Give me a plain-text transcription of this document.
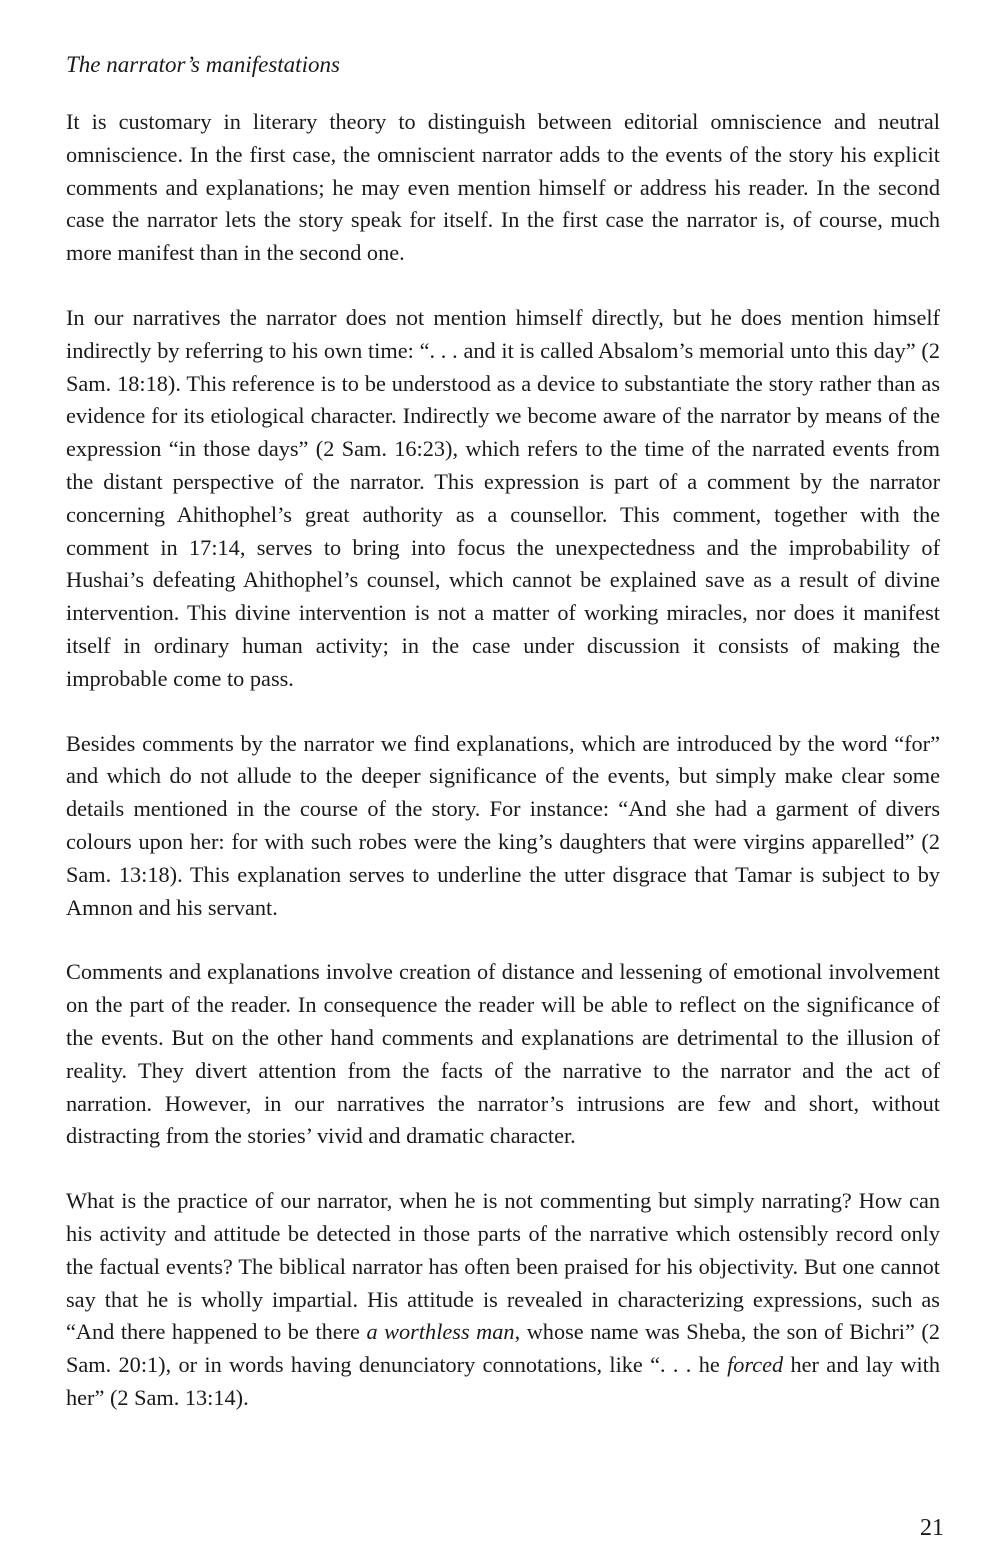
The narrator’s manifestations

It is customary in literary theory to distinguish between editorial omniscience and neutral omniscience. In the first case, the omniscient narrator adds to the events of the story his explicit comments and explanations; he may even mention himself or address his reader. In the second case the narrator lets the story speak for itself. In the first case the narrator is, of course, much more manifest than in the second one.

In our narratives the narrator does not mention himself directly, but he does mention himself indirectly by referring to his own time: “. . . and it is called Absalom’s memorial unto this day” (2 Sam. 18:18). This reference is to be understood as a device to substantiate the story rather than as evidence for its etiological character. Indirectly we become aware of the narrator by means of the expression “in those days” (2 Sam. 16:23), which refers to the time of the narrated events from the distant perspective of the narrator. This expression is part of a comment by the narrator concerning Ahithophel’s great authority as a counsellor. This comment, together with the comment in 17:14, serves to bring into focus the unexpectedness and the improbability of Hushai’s defeating Ahithophel’s counsel, which cannot be explained save as a result of divine intervention. This divine intervention is not a matter of working miracles, nor does it manifest itself in ordinary human activity; in the case under discussion it consists of making the improbable come to pass.

Besides comments by the narrator we find explanations, which are introduced by the word “for” and which do not allude to the deeper significance of the events, but simply make clear some details mentioned in the course of the story. For instance: “And she had a garment of divers colours upon her: for with such robes were the king’s daughters that were virgins apparelled” (2 Sam. 13:18). This explanation serves to underline the utter disgrace that Tamar is subject to by Amnon and his servant.

Comments and explanations involve creation of distance and lessening of emotional involvement on the part of the reader. In consequence the reader will be able to reflect on the significance of the events. But on the other hand comments and explanations are detrimental to the illusion of reality. They divert attention from the facts of the narrative to the narrator and the act of narration. However, in our narratives the narrator’s intrusions are few and short, without distracting from the stories’ vivid and dramatic character.

What is the practice of our narrator, when he is not commenting but simply narrating? How can his activity and attitude be detected in those parts of the narrative which ostensibly record only the factual events? The biblical narrator has often been praised for his objectivity. But one cannot say that he is wholly impartial. His attitude is revealed in characterizing expressions, such as “And there happened to be there a worthless man, whose name was Sheba, the son of Bichri” (2 Sam. 20:1), or in words having denunciatory connotations, like “. . . he forced her and lay with her” (2 Sam. 13:14).

21
